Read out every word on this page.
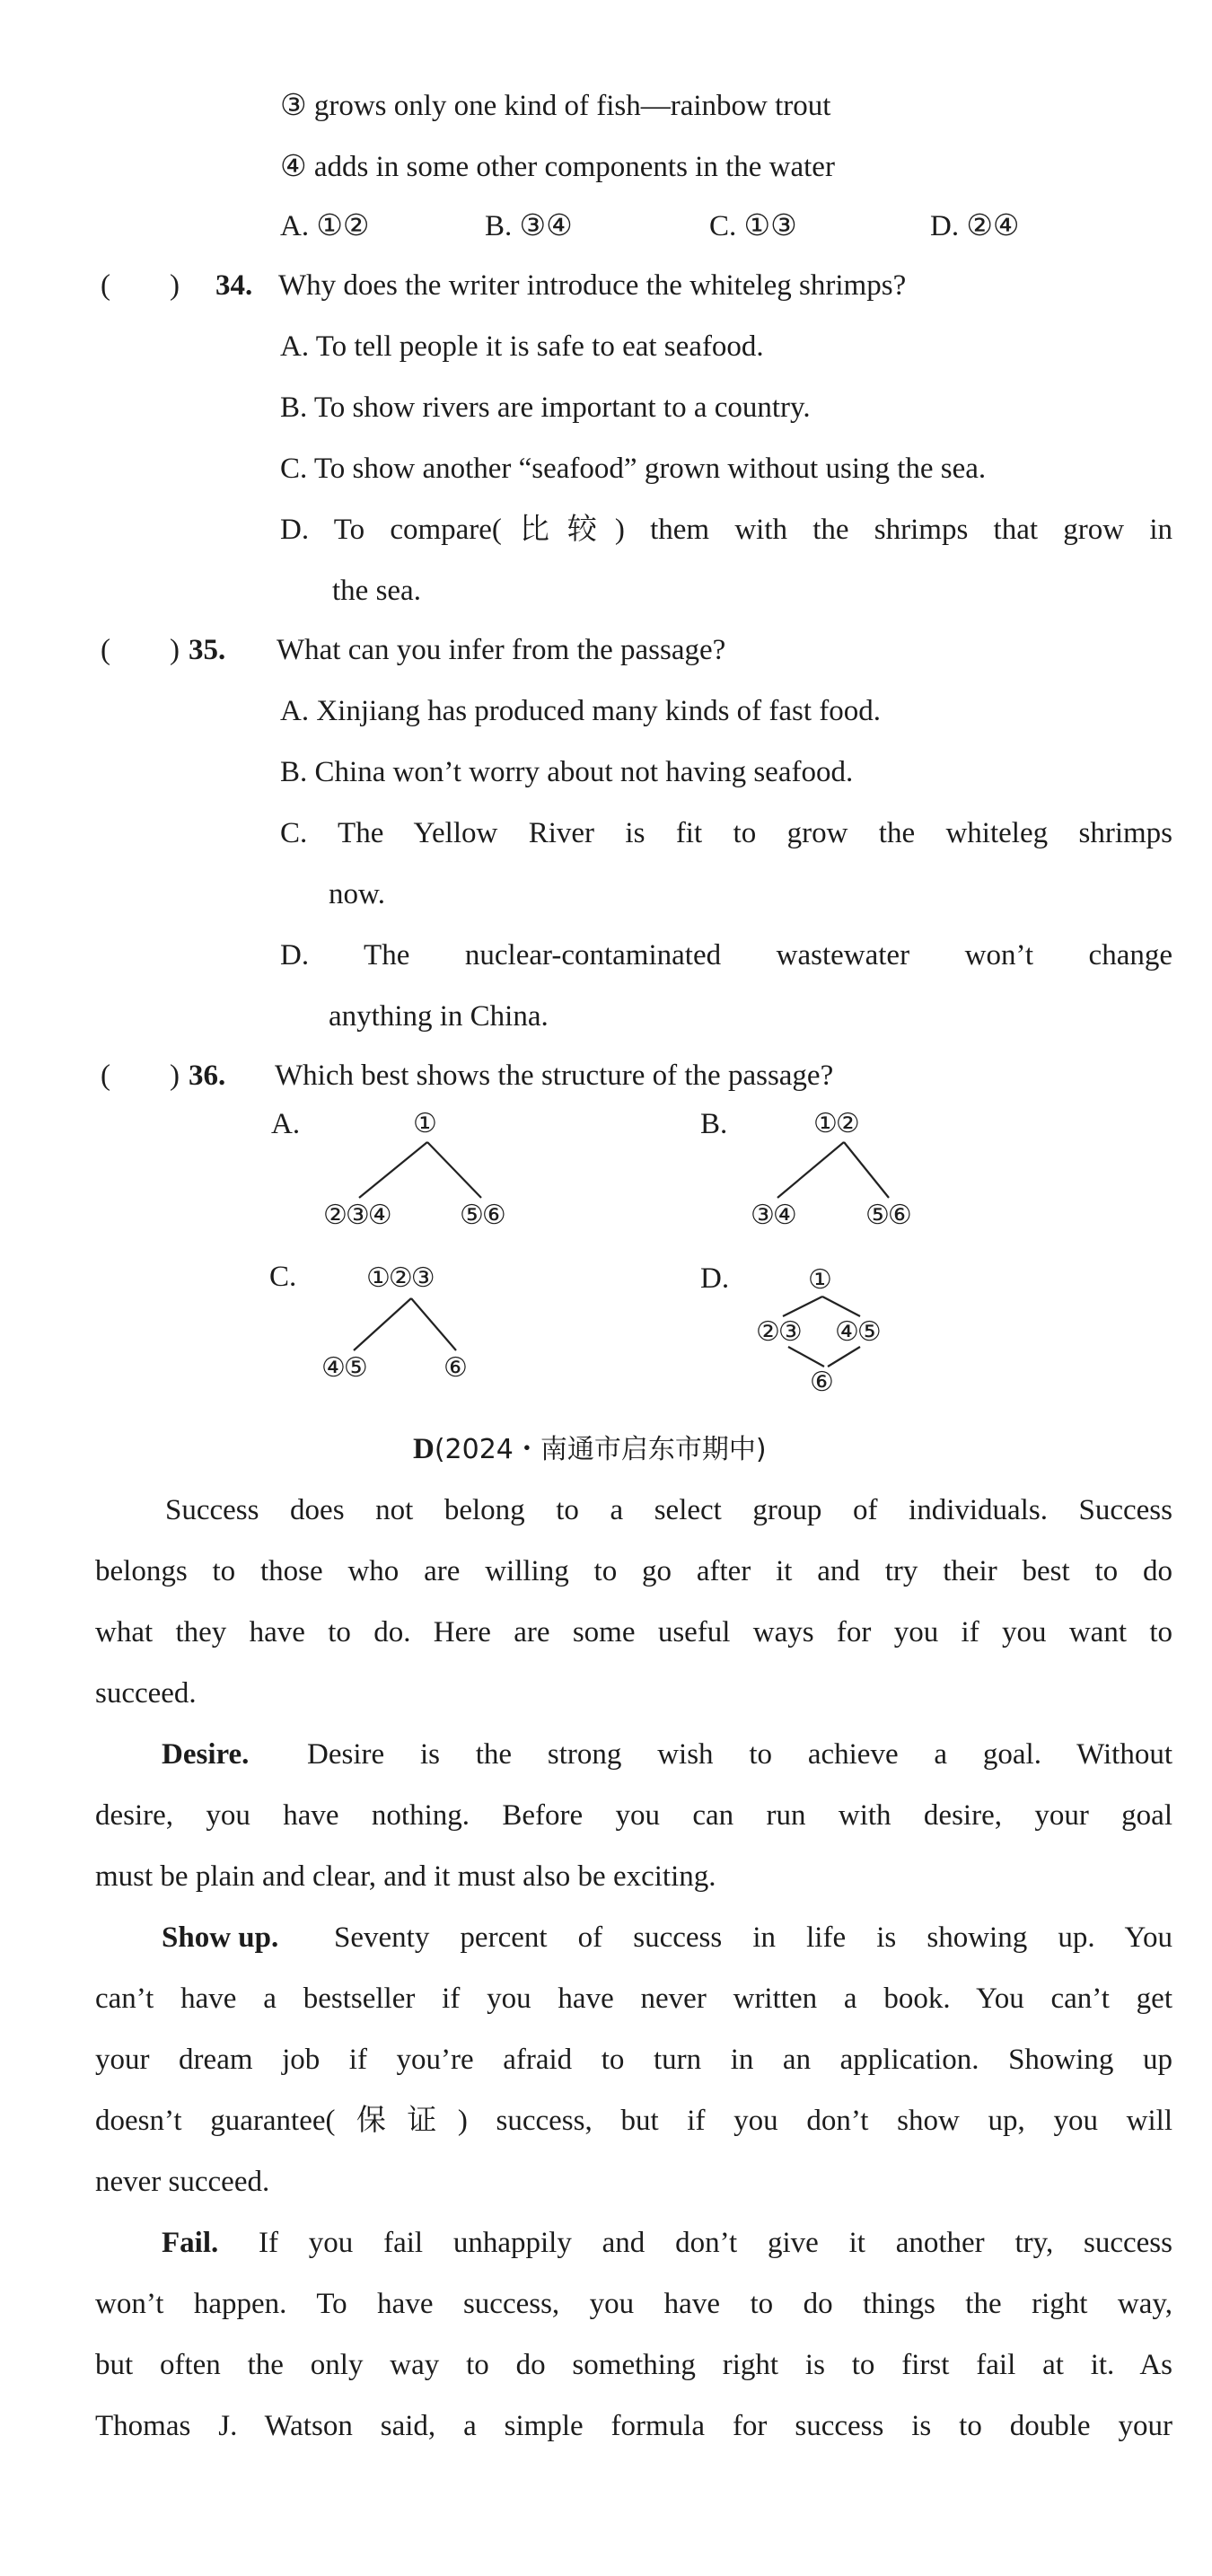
③ grows only one kind of fish—rainbow trout
④ adds in some other components in the water
A. ①②	B. ③④	C. ①③	D. ②④
(　　) 34. Why does the writer introduce the whiteleg shrimps?
A. To tell people it is safe to eat seafood.
B. To show rivers are important to a country.
C. To show another “seafood” grown without using the sea.
D. To compare(比较) them with the shrimps that grow in
the sea.
(　　) 35. What can you infer from the passage?
A. Xinjiang has produced many kinds of fast food.
B. China won’t worry about not having seafood.
C. The Yellow River is fit to grow the whiteleg shrimps
now.
D. The nuclear-contaminated wastewater won’t change
anything in China.
(　　) 36. Which best shows the structure of the passage?
A.	①
②③④	⑤⑥
B.	①②
③④	⑤⑥
C.	①②③
④⑤	⑥
D.	①
②③ ④⑤
⑥
D(2024・南通市启东市期中)
Success does not belong to a select group of individuals. Success
belongs to those who are willing to go after it and try their best to do
what they have to do. Here are some useful ways for you if you want to
succeed.
Desire. Desire is the strong wish to achieve a goal. Without
desire, you have nothing. Before you can run with desire, your goal
must be plain and clear, and it must also be exciting.
Show up. Seventy percent of success in life is showing up. You
can’t have a bestseller if you have never written a book. You can’t get
your dream job if you’re afraid to turn in an application. Showing up
doesn’t guarantee(保证) success, but if you don’t show up, you will
never succeed.
Fail. If you fail unhappily and don’t give it another try, success
won’t happen. To have success, you have to do things the right way,
but often the only way to do something right is to first fail at it. As
Thomas J. Watson said, a simple formula for success is to double your
